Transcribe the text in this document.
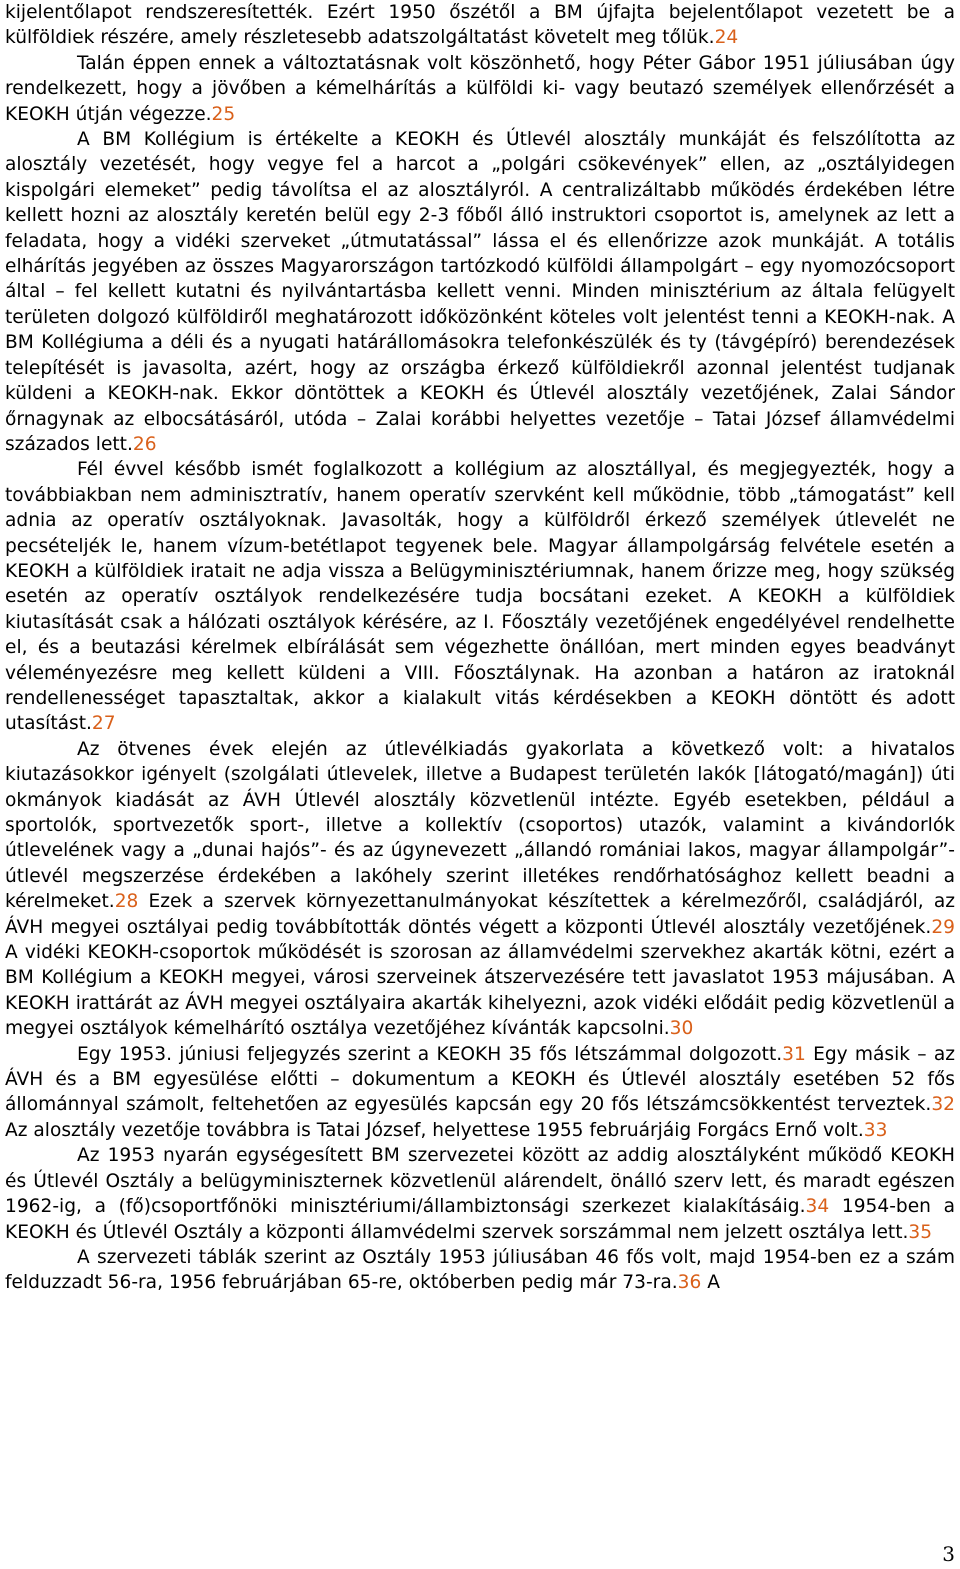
kijelentőlapot rendszeresítették. Ezért 1950 őszétől a BM újfajta bejelentőlapot vezetett be a külföldiek részére, amely részletesebb adatszolgáltatást követelt meg tőlük.24

Talán éppen ennek a változtatásnak volt köszönhető, hogy Péter Gábor 1951 júliusában úgy rendelkezett, hogy a jövőben a kémelhárítás a külföldi ki- vagy beutazó személyek ellenőrzését a KEOKH útján végezze.25

A BM Kollégium is értékelte a KEOKH és Útlevél alosztály munkáját és felszólította az alosztály vezetését, hogy vegye fel a harcot a „polgári csökevények” ellen, az „osztályidegen kispolgári elemeket” pedig távolítsa el az alosztályról. A centralizáltabb működés érdekében létre kellett hozni az alosztály keretén belül egy 2-3 főből álló instruktori csoportot is, amelynek az lett a feladata, hogy a vidéki szerveket „útmutatással” lássa el és ellenőrizze azok munkáját. A totális elhárítás jegyében az összes Magyarországon tartózkodó külföldi állampolgárt – egy nyomozócsoport által – fel kellett kutatni és nyilvántartásba kellett venni. Minden minisztérium az általa felügyelt területen dolgozó külföldiről meghatározott időközönként köteles volt jelentést tenni a KEOKH-nak. A BM Kollégiuma a déli és a nyugati határállomásokra telefonkészülék és ty (távgépíró) berendezések telepítését is javasolta, azért, hogy az országba érkező külföldiekről azonnal jelentést tudjanak küldeni a KEOKH-nak. Ekkor döntöttek a KEOKH és Útlevél alosztály vezetőjének, Zalai Sándor őrnagynak az elbocsátásáról, utóda – Zalai korábbi helyettes vezetője – Tatai József államvédelmi százados lett.26

Fél évvel később ismét foglalkozott a kollégium az alosztállyal, és megjegyezték, hogy a továbbiakban nem adminisztratív, hanem operatív szervként kell működnie, több „támogatást” kell adnia az operatív osztályoknak. Javasolták, hogy a külföldről érkező személyek útlevelét ne pecsételjék le, hanem vízum-betétlapot tegyenek bele. Magyar állampolgárság felvétele esetén a KEOKH a külföldiek iratait ne adja vissza a Belügyminisztériumnak, hanem őrizze meg, hogy szükség esetén az operatív osztályok rendelkezésére tudja bocsátani ezeket. A KEOKH a külföldiek kiutasítását csak a hálózati osztályok kérésére, az I. Főosztály vezetőjének engedélyével rendelhette el, és a beutazási kérelmek elbírálását sem végezhette önállóan, mert minden egyes beadványt véleményezésre meg kellett küldeni a VIII. Főosztálynak. Ha azonban a határon az iratoknál rendellenességet tapasztaltak, akkor a kialakult vitás kérdésekben a KEOKH döntött és adott utasítást.27

Az ötvenes évek elején az útlevélkiadás gyakorlata a következő volt: a hivatalos kiutazásokkor igényelt (szolgálati útlevelek, illetve a Budapest területén lakók [látogató/magán]) úti okmányok kiadását az ÁVH Útlevél alosztály közvetlenül intézte. Egyéb esetekben, például a sportolók, sportvezetők sport-, illetve a kollektív (csoportos) utazók, valamint a kivándorlók útlevelének vagy a „dunai hajós”- és az úgynevezett „állandó romániai lakos, magyar állampolgár”-útlevél megszerzése érdekében a lakóhely szerint illetékes rendőrhatósághoz kellett beadni a kérelmeket.28 Ezek a szervek környezettanulmányokat készítettek a kérelmezőről, családjáról, az ÁVH megyei osztályai pedig továbbították döntés végett a központi Útlevél alosztály vezetőjének.29 A vidéki KEOKH-csoportok működését is szorosan az államvédelmi szervekhez akarták kötni, ezért a BM Kollégium a KEOKH megyei, városi szerveinek átszervezésére tett javaslatot 1953 májusában. A KEOKH irattárát az ÁVH megyei osztályaira akarták kihelyezni, azok vidéki elődáit pedig közvetlenül a megyei osztályok kémelhárító osztálya vezetőjéhez kívánták kapcsolni.30

Egy 1953. júniusi feljegyzés szerint a KEOKH 35 fős létszámmal dolgozott.31 Egy másik – az ÁVH és a BM egyesülése előtti – dokumentum a KEOKH és Útlevél alosztály esetében 52 fős állománnyal számolt, feltehetően az egyesülés kapcsán egy 20 fős létszámcsökkentést terveztek.32 Az alosztály vezetője továbbra is Tatai József, helyettese 1955 februárjáig Forgács Ernő volt.33

Az 1953 nyarán egységesített BM szervezetei között az addig alosztályként működő KEOKH és Útlevél Osztály a belügyminiszternek közvetlenül alárendelt, önálló szerv lett, és maradt egészen 1962-ig, a (fő)csoportfőnöki minisztériumi/állambiztonsági szerkezet kialakításáig.34 1954-ben a KEOKH és Útlevél Osztály a központi államvédelmi szervek sorszámmal nem jelzett osztálya lett.35

A szervezeti táblák szerint az Osztály 1953 júliusában 46 fős volt, majd 1954-ben ez a szám felduzzadt 56-ra, 1956 februárjában 65-re, októberben pedig már 73-ra.36 A

3
